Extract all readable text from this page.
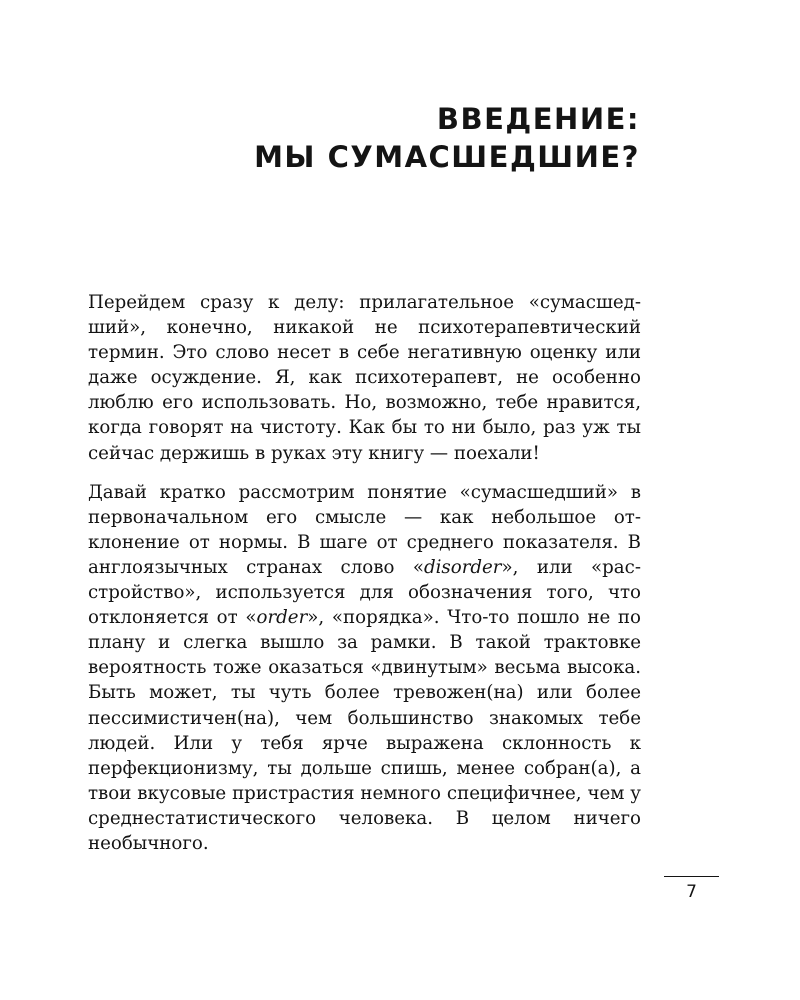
ВВЕДЕНИЕ:
МЫ СУМАСШЕДШИЕ?

Перейдем сразу к делу: прилагательное «сумасшедший», конечно, никакой не психотерапевтический термин. Это слово несет в себе негативную оценку или даже осуждение. Я, как психотерапевт, не особенно люблю его использовать. Но, возможно, тебе нравится, когда говорят на чистоту. Как бы то ни было, раз уж ты сейчас держишь в руках эту книгу — поехали!

Давай кратко рассмотрим понятие «сумасшедший» в первоначальном его смысле — как небольшое отклонение от нормы. В шаге от среднего показателя. В англоязычных странах слово «disorder», или «расстройство», используется для обозначения того, что отклоняется от «order», «порядка». Что-то пошло не по плану и слегка вышло за рамки. В такой трактовке вероятность тоже оказаться «двинутым» весьма высока. Быть может, ты чуть более тревожен(на) или более пессимистичен(на), чем большинство знакомых тебе людей. Или у тебя ярче выражена склонность к перфекционизму, ты дольше спишь, менее собран(а), а твои вкусовые пристрастия немного специфичнее, чем у среднестатистического человека. В целом ничего необычного.

7
